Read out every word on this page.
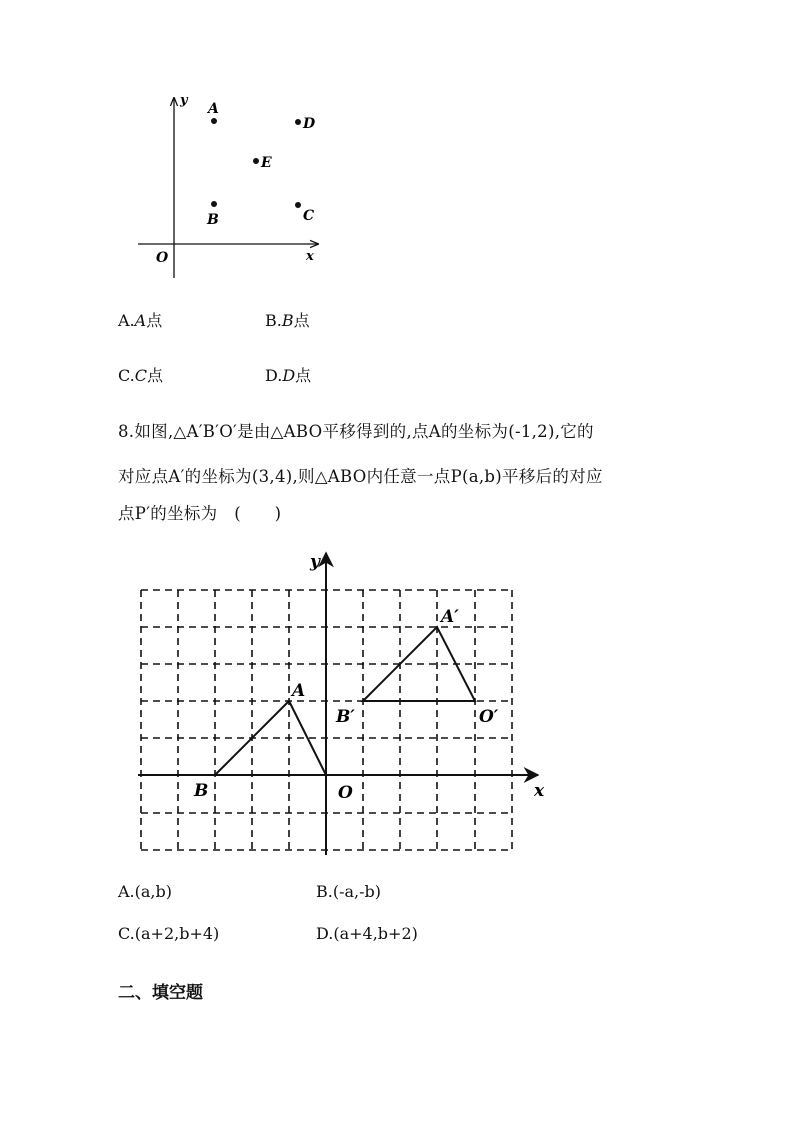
y
x
O
A
D
E
B	C
A.A点	B.B点
C.C点	D.D点
8.如图,△A′B′O′是由△ABO平移得到的,点A的坐标为(-1,2),它的
对应点A′的坐标为(3,4),则△ABO内任意一点P(a,b)平移后的对应
点P′的坐标为　(　　)
y
x
O
A
B
A′
B′	O′
A.(a,b)	B.(-a,-b)
C.(a+2,b+4)	D.(a+4,b+2)
二、填空题
